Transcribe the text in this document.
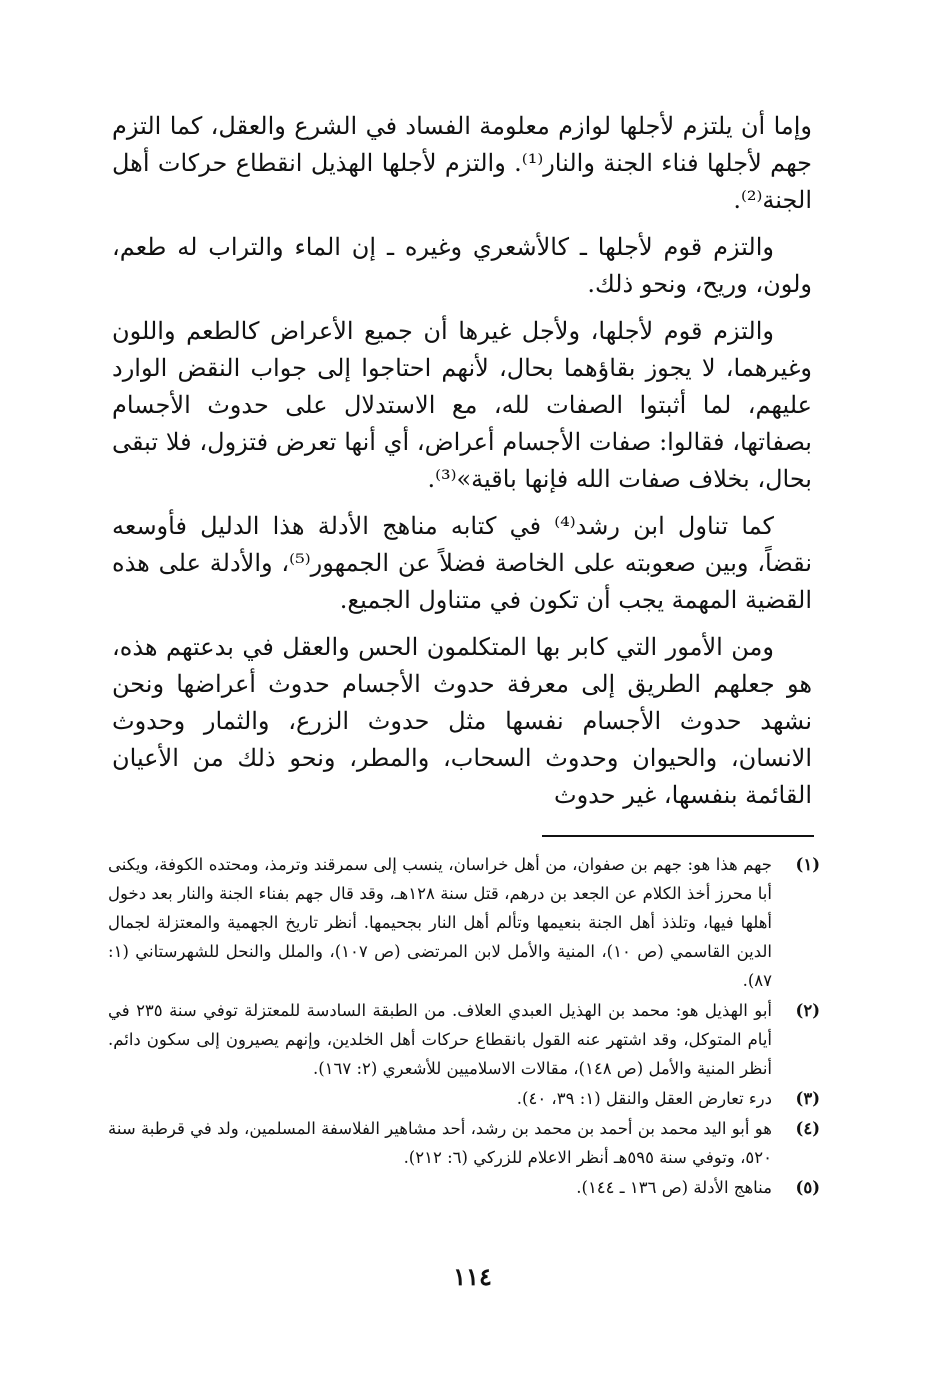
وإما أن يلتزم لأجلها لوازم معلومة الفساد في الشرع والعقل، كما التزم جهم لأجلها فناء الجنة والنار⁽¹⁾. والتزم لأجلها الهذيل انقطاع حركات أهل الجنة⁽²⁾.

والتزم قوم لأجلها ـ كالأشعري وغيره ـ إن الماء والتراب له طعم، ولون، وريح، ونحو ذلك.

والتزم قوم لأجلها، ولأجل غيرها أن جميع الأعراض كالطعم واللون وغيرهما، لا يجوز بقاؤهما بحال، لأنهم احتاجوا إلى جواب النقض الوارد عليهم، لما أثبتوا الصفات لله، مع الاستدلال على حدوث الأجسام بصفاتها، فقالوا: صفات الأجسام أعراض، أي أنها تعرض فتزول، فلا تبقى بحال، بخلاف صفات الله فإنها باقية»⁽³⁾.

كما تناول ابن رشد⁽⁴⁾ في كتابه مناهج الأدلة هذا الدليل فأوسعه نقضاً، وبين صعوبته على الخاصة فضلاً عن الجمهور⁽⁵⁾، والأدلة على هذه القضية المهمة يجب أن تكون في متناول الجميع.

ومن الأمور التي كابر بها المتكلمون الحس والعقل في بدعتهم هذه، هو جعلهم الطريق إلى معرفة حدوث الأجسام حدوث أعراضها ونحن نشهد حدوث الأجسام نفسها مثل حدوث الزرع، والثمار وحدوث الانسان، والحيوان وحدوث السحاب، والمطر، ونحو ذلك من الأعيان القائمة بنفسها، غير حدوث

(١)
جهم هذا هو: جهم بن صفوان، من أهل خراسان، ينسب إلى سمرقند وترمذ، ومحتده الكوفة، ويكنى أبا محرز أخذ الكلام عن الجعد بن درهم، قتل سنة ١٢٨هـ، وقد قال جهم بفناء الجنة والنار بعد دخول أهلها فيها، وتلذذ أهل الجنة بنعيمها وتألم أهل النار بجحيمها. أنظر تاريخ الجهمية والمعتزلة لجمال الدين القاسمي (ص ١٠)، المنية والأمل لابن المرتضى (ص ١٠٧)، والملل والنحل للشهرستاني (١: ٨٧).
(٢)
أبو الهذيل هو: محمد بن الهذيل العبدي العلاف. من الطبقة السادسة للمعتزلة توفي سنة ٢٣٥ في أيام المتوكل، وقد اشتهر عنه القول بانقطاع حركات أهل الخلدين، وإنهم يصيرون إلى سكون دائم. أنظر المنية والأمل (ص ١٤٨)، مقالات الاسلاميين للأشعري (٢: ١٦٧).
(٣)
درء تعارض العقل والنقل (١: ٣٩، ٤٠).
(٤)
هو أبو اليد محمد بن أحمد بن محمد بن رشد، أحد مشاهير الفلاسفة المسلمين، ولد في قرطبة سنة ٥٢٠، وتوفي سنة ٥٩٥هـ أنظر الاعلام للزركي (٦: ٢١٢).
(٥)
مناهج الأدلة (ص ١٣٦ ـ ١٤٤).
١١٤
